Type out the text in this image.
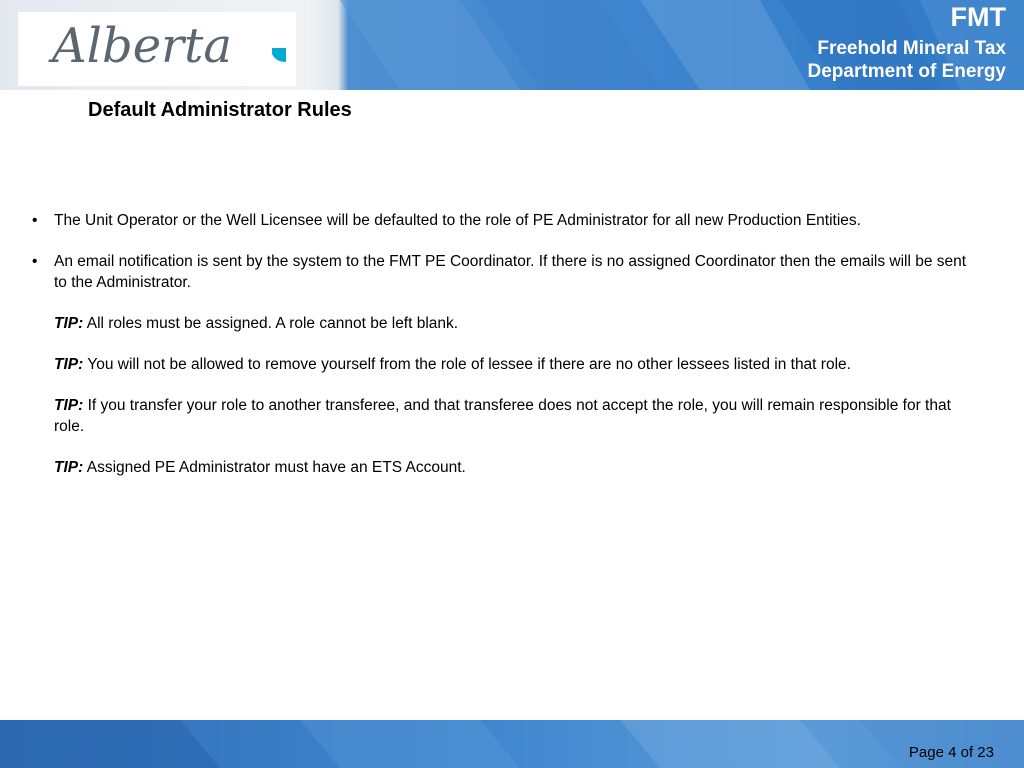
Alberta
FMT
Freehold Mineral Tax
Department of Energy
Default Administrator Rules

• The Unit Operator or the Well Licensee will be defaulted to the role of PE Administrator for all new Production Entities.

• An email notification is sent by the system to the FMT PE Coordinator. If there is no assigned Coordinator then the emails will be sent to the Administrator.

TIP: All roles must be assigned. A role cannot be left blank.

TIP: You will not be allowed to remove yourself from the role of lessee if there are no other lessees listed in that role.

TIP: If you transfer your role to another transferee, and that transferee does not accept the role, you will remain responsible for that role.

TIP: Assigned PE Administrator must have an ETS Account.

Page 4 of 23
